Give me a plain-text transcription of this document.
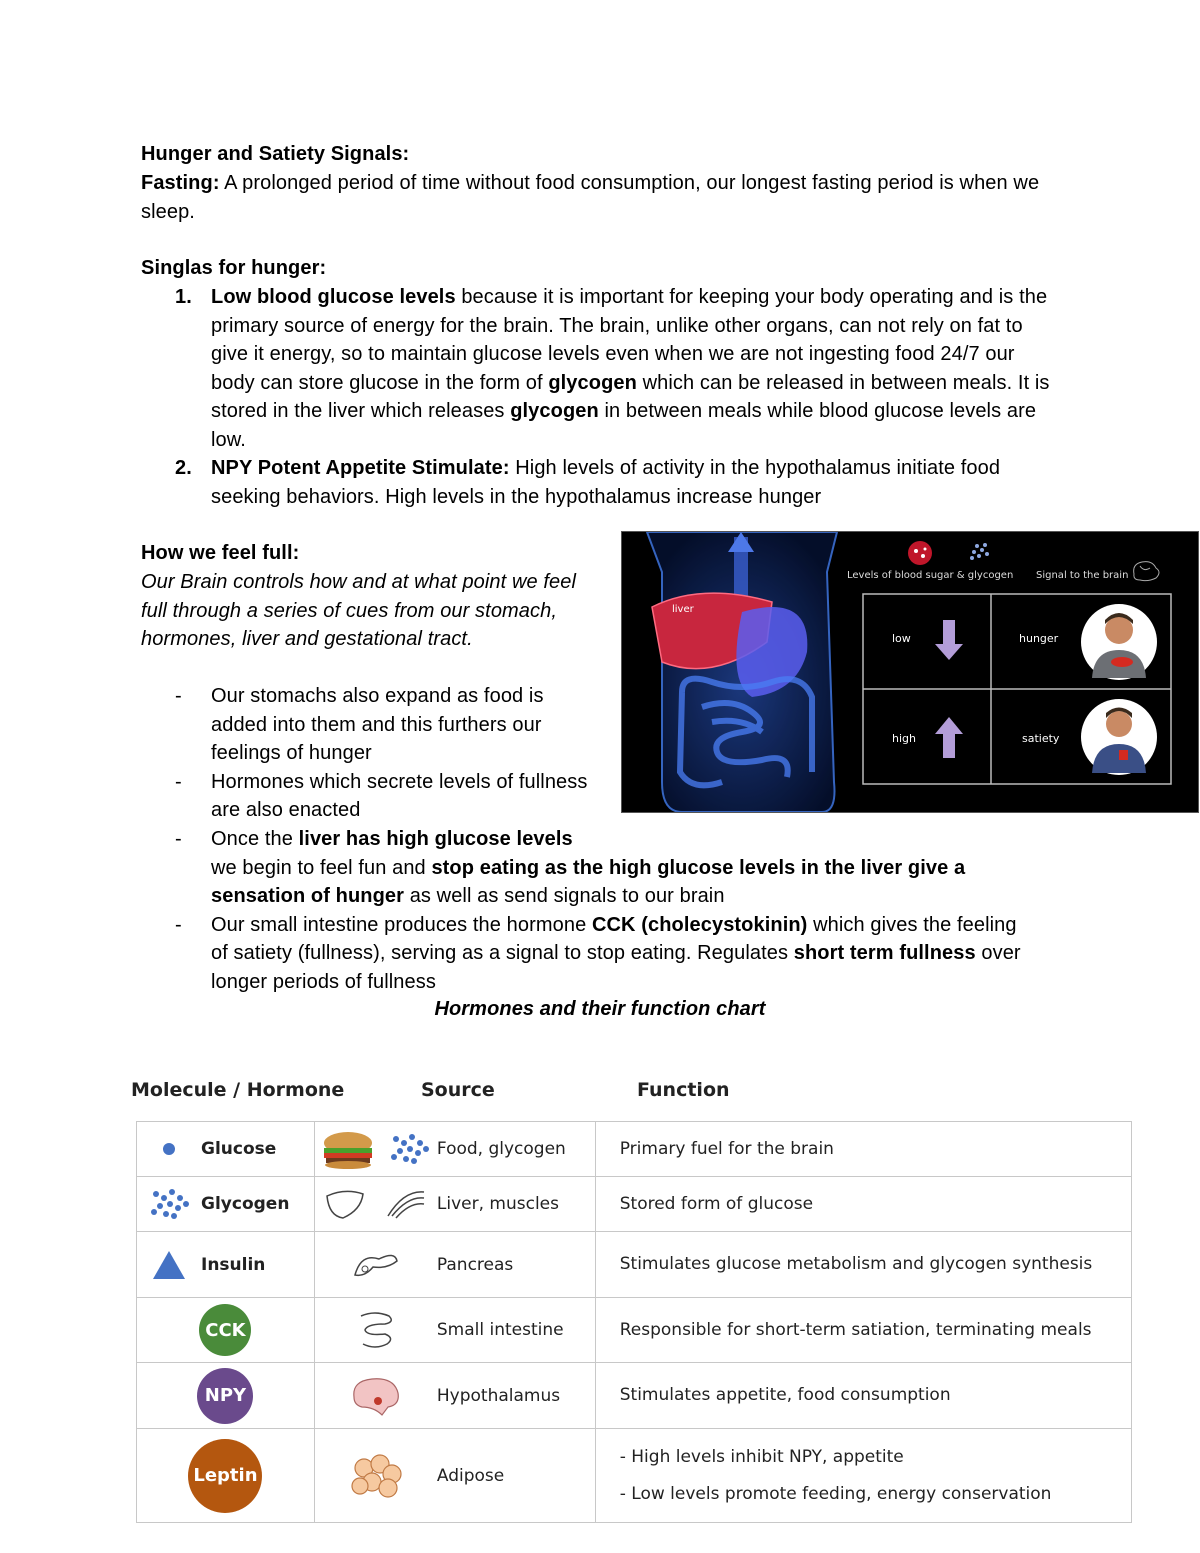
Hunger and Satiety Signals:
Fasting: A prolonged period of time without food consumption, our longest fasting period is when we sleep.
Singlas for hunger:
1. Low blood glucose levels because it is important for keeping your body operating and is the primary source of energy for the brain. The brain, unlike other organs, can not rely on fat to give it energy, so to maintain glucose levels even when we are not ingesting food 24/7 our body can store glucose in the form of glycogen which can be released in between meals. It is stored in the liver which releases glycogen in between meals while blood glucose levels are low.
2. NPY Potent Appetite Stimulate: High levels of activity in the hypothalamus initiate food seeking behaviors. High levels in the hypothalamus increase hunger
How we feel full:
Our Brain controls how and at what point we feel full through a series of cues from our stomach, hormones, liver and gestational tract.
- Our stomachs also expand as food is added into them and this furthers our feelings of hunger
- Hormones which secrete levels of fullness are also enacted
- Once the liver has high glucose levels
we begin to feel fun and stop eating as the high glucose levels in the liver give a sensation of hunger as well as send signals to our brain
- Our small intestine produces the hormone CCK (cholecystokinin) which gives the feeling of satiety (fullness), serving as a signal to stop eating. Regulates short term fullness over longer periods of fullness
Hormones and their function chart
liver
Levels of blood sugar & glycogen Signal to the brain
low
high
hunger
satiety
Molecule / Hormone	Source	Function
Glucose	Food, glycogen	Primary fuel for the brain

Glycogen	Liver, muscles	Stored form of glucose

Insulin	Pancreas	Stimulates glucose metabolism and glycogen synthesis

CCK	Small intestine	Responsible for short-term satiation, terminating meals

NPY	Hypothalamus	Stimulates appetite, food consumption

Leptin	Adipose	- High levels inhibit NPY, appetite
- Low levels promote feeding, energy conservation
